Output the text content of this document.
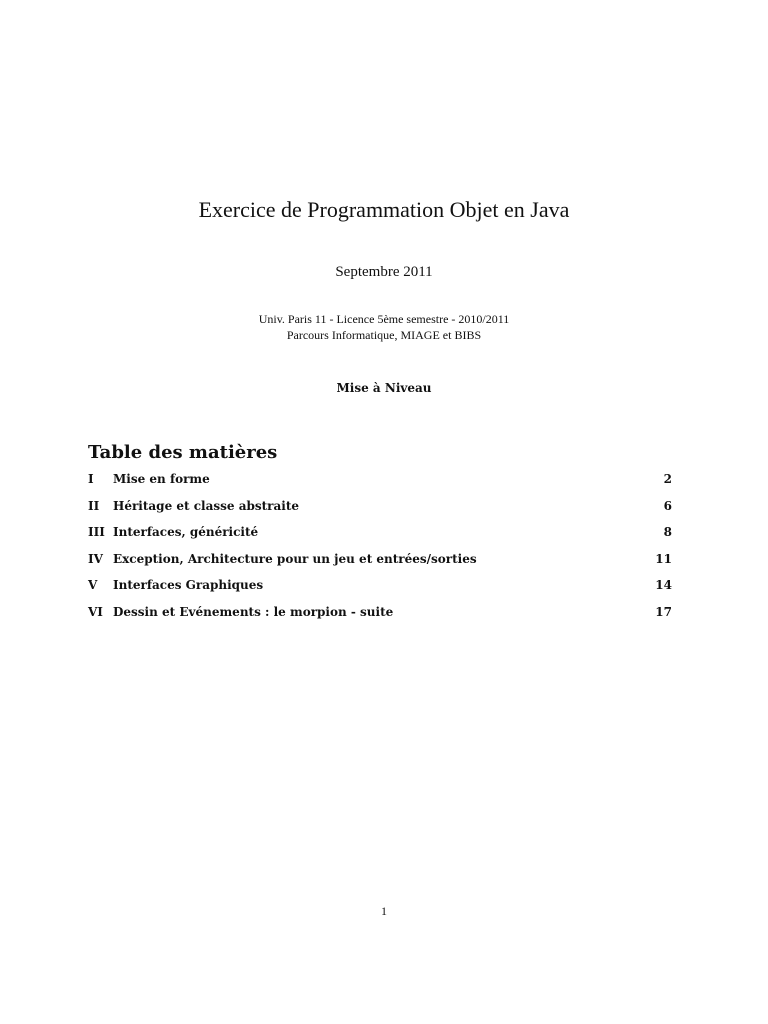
Exercice de Programmation Objet en Java
Septembre 2011
Univ. Paris 11 - Licence 5ème semestre - 2010/2011
Parcours Informatique, MIAGE et BIBS
Mise à Niveau
Table des matières
I	Mise en forme	2
II	Héritage et classe abstraite	6
III Interfaces, généricité	8
IV Exception, Architecture pour un jeu et entrées/sorties	11
V	Interfaces Graphiques	14
VI Dessin et Evénements : le morpion - suite	17
1
